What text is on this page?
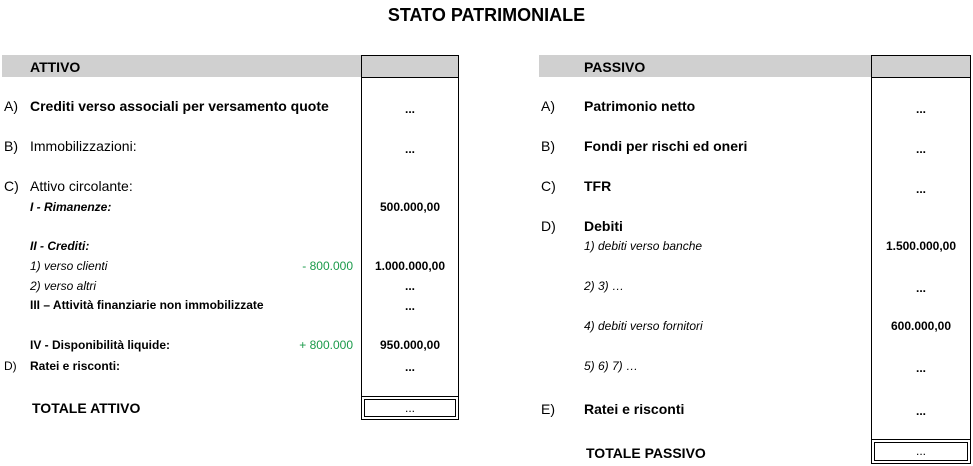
STATO PATRIMONIALE
ATTIVO
A) Crediti verso associali per versamento quote	...
B) Immobilizzazioni:	...
C) Attivo circolante:
I - Rimanenze:	500.000,00
II - Crediti:
1) verso clienti	- 800.000	1.000.000,00
2) verso altri	...
III – Attività finanziarie non immobilizzate	...
IV - Disponibilità liquide:	+ 800.000	950.000,00
D) Ratei e risconti:	...
TOTALE ATTIVO	...
PASSIVO
A) Patrimonio netto	...
B) Fondi per rischi ed oneri	...
C) TFR	...
D) Debiti
1) debiti verso banche	1.500.000,00
2) 3) …	...
4) debiti verso fornitori	600.000,00
5) 6) 7) …	...
E) Ratei e risconti	...
TOTALE PASSIVO	...
